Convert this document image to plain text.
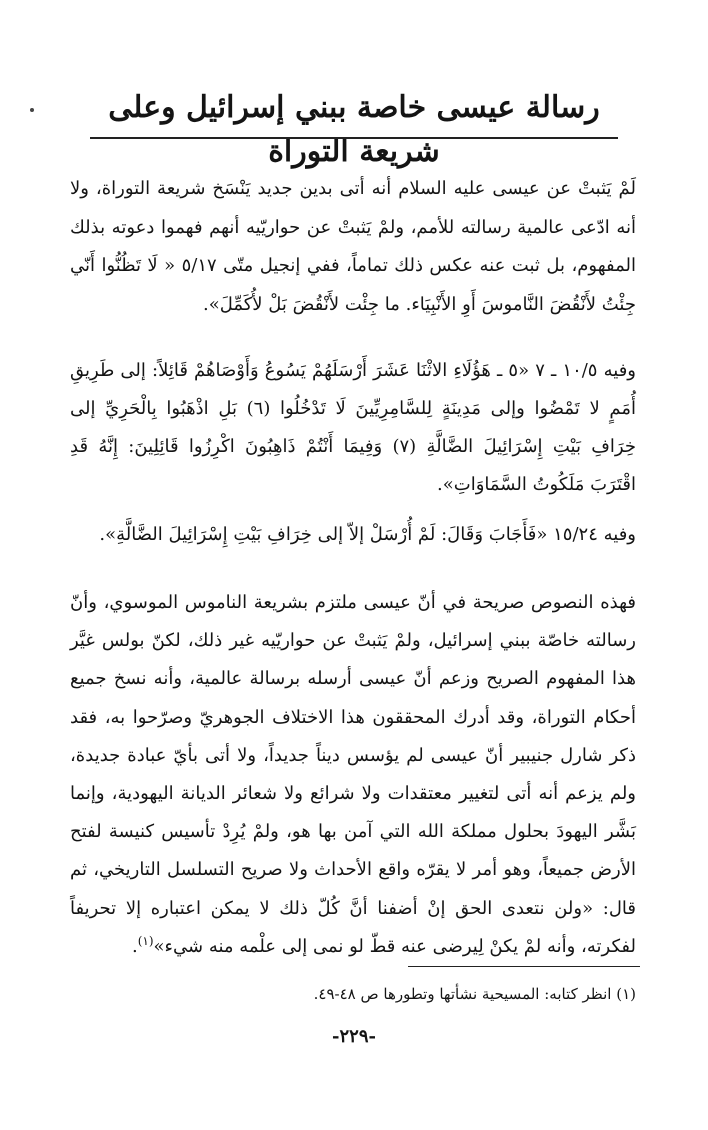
رسالة عيسى خاصة ببني إسرائيل وعلى شريعة التوراة

لَمْ يَثبتْ عن عيسى عليه السلام أنه أتى بدين جديد يَنْسَخ شريعة التوراة، ولا أنه ادّعى عالمية رسالته للأمم، ولمْ يَثبتْ عن حواريّيه أنهم فهموا دعوته بذلك المفهوم، بل ثبت عنه عكس ذلك تماماً، ففي إنجيل متّى ٥/١٧ « لَا تَظُنُّوا أَنّي جِئْتُ لأَنْقُضَ النَّاموسَ أَوِ الأَنْبِيَاء. ما جِئْت لأَنْقُضَ بَلْ لأُكَمِّلَ».

وفيه ١٠/٥ ـ ٧ «٥ ـ هَؤُلَاءِ الاثْنَا عَشَرَ أَرْسَلَهُمْ يَسُوعُ وَأَوْصَاهُمْ قَائِلاً: إلى طَرِيقِ أُمَمٍ لا تَمْضُوا وإلى مَدِينَةٍ لِلسَّامِرِيِّينَ لَا تَدْخُلُوا (٦) بَلِ اذْهَبُوا بِالْحَرِيِّ إلى خِرَافِ بَيْتِ إِسْرَائِيلَ الضَّالَّةِ (٧) وَفِيمَا أَنْتُمْ ذَاهِبُونَ اكْرِزُوا قَائِلِينَ: إِنَّهُ قَدِ اقْتَرَبَ مَلَكُوتُ السَّمَاوَاتِ».

وفيه ١٥/٢٤ «فَأَجَابَ وَقَالَ: لَمْ أُرْسَلْ إلاّ إلى خِرَافِ بَيْتِ إِسْرَائِيلَ الضَّالَّةِ».

فهذه النصوص صريحة في أنّ عيسى ملتزم بشريعة الناموس الموسوي، وأنّ رسالته خاصّة ببني إسرائيل، ولمْ يَثبتْ عن حواريّيه غير ذلك، لكنّ بولس غيَّر هذا المفهوم الصريح وزعم أنّ عيسى أرسله برسالة عالمية، وأنه نسخ جميع أحكام التوراة، وقد أدرك المحققون هذا الاختلاف الجوهريّ وصرّحوا به، فقد ذكر شارل جنيبير أنّ عيسى لم يؤسس ديناً جديداً، ولا أتى بأيّ عبادة جديدة، ولم يزعم أنه أتى لتغيير معتقدات ولا شرائع ولا شعائر الديانة اليهودية، وإنما بَشَّر اليهودَ بحلول مملكة الله التي آمن بها هو، ولمْ يُرِدْ تأسيس كنيسة لفتح الأرض جميعاً، وهو أمر لا يقرّه واقع الأحداث ولا صريح التسلسل التاريخي، ثم قال: «ولن نتعدى الحق إنْ أضفنا أنَّ كُلّ ذلك لا يمكن اعتباره إلا تحريفاً لفكرته، وأنه لمْ يكنْ لِيرضى عنه قطّ لو نمى إلى علْمه منه شيء»$^{(١)}$.

(١) انظر كتابه: المسيحية نشأتها وتطورها ص ٤٨-٤٩.

-٢٢٩-
